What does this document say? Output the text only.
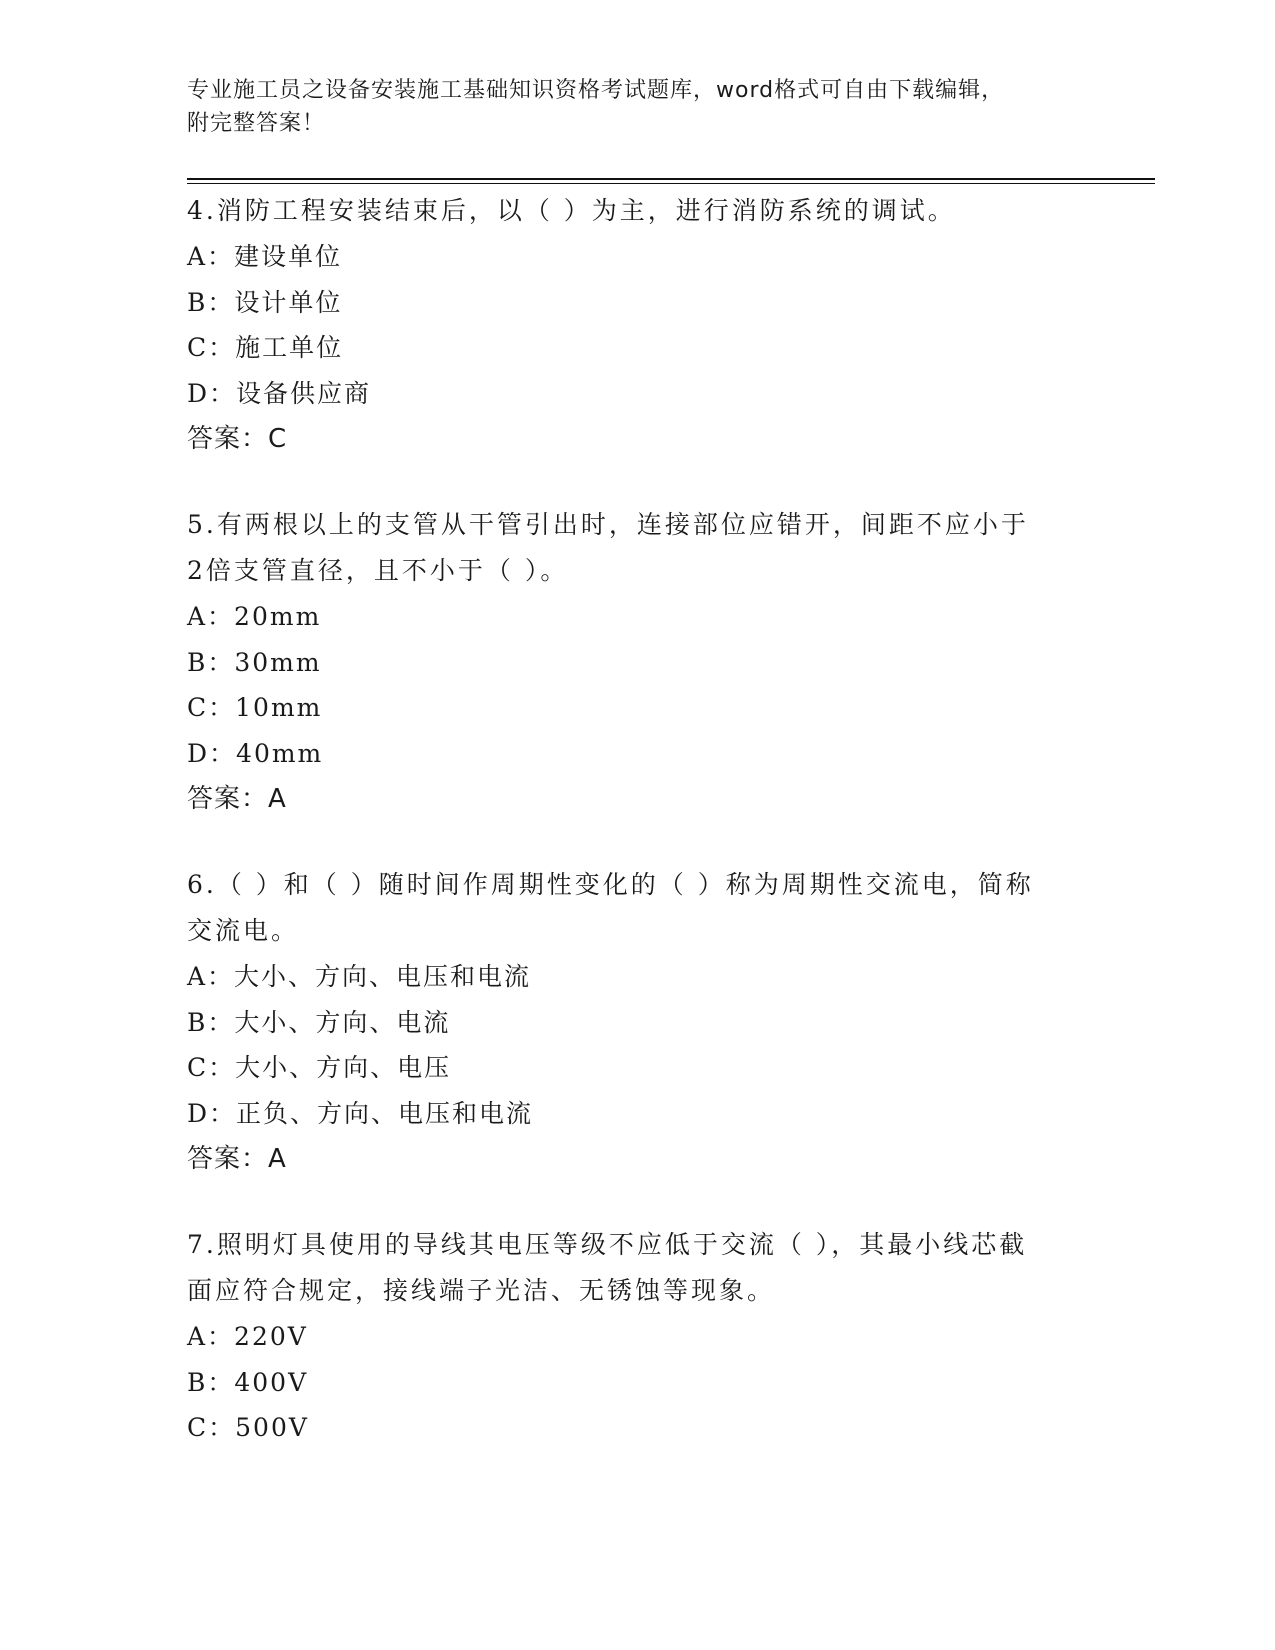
专业施工员之设备安装施工基础知识资格考试题库，word格式可自由下载编辑，
附完整答案！
4.消防工程安装结束后，以（ ）为主，进行消防系统的调试。
A：建设单位
B：设计单位
C：施工单位
D：设备供应商
答案：C
5.有两根以上的支管从干管引出时，连接部位应错开，间距不应小于
2倍支管直径，且不小于（ ）。
A：20mm
B：30mm
C：10mm
D：40mm
答案：A
6.（ ）和（ ）随时间作周期性变化的（ ）称为周期性交流电，简称
交流电。
A：大小、方向、电压和电流
B：大小、方向、电流
C：大小、方向、电压
D：正负、方向、电压和电流
答案：A
7.照明灯具使用的导线其电压等级不应低于交流（ ），其最小线芯截
面应符合规定，接线端子光洁、无锈蚀等现象。
A：220V
B：400V
C：500V
